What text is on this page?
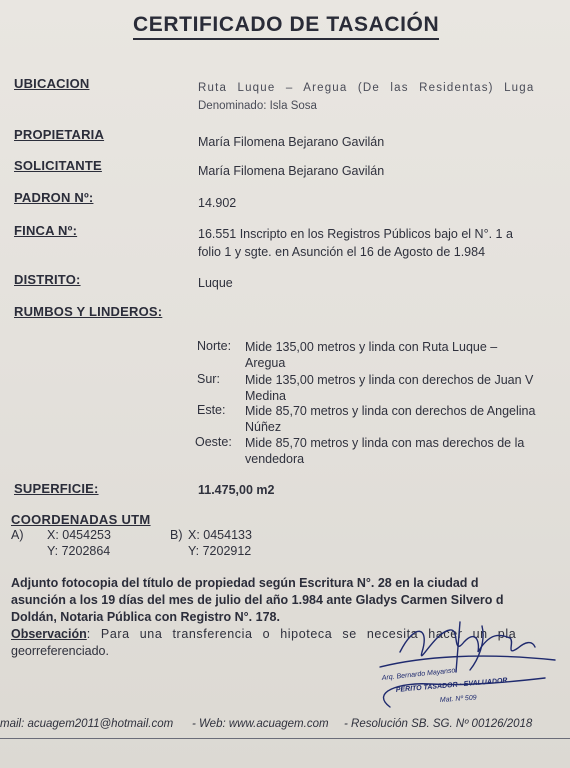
CERTIFICADO DE TASACIÓN
UBICACION	Ruta Luque – Aregua (De las Residentas) Luga
Denominado: Isla Sosa
PROPIETARIA	María Filomena Bejarano Gavilán
SOLICITANTE	María Filomena Bejarano Gavilán
PADRON Nº:	14.902
FINCA Nº:	16.551 Inscripto en los Registros Públicos bajo el N°. 1 a
folio 1 y sgte. en Asunción el 16 de Agosto de 1.984
DISTRITO:	Luque
RUMBOS Y LINDEROS:
Norte: Mide 135,00 metros y linda con Ruta Luque –
Aregua
Sur: Mide 135,00 metros y linda con derechos de Juan V
Medina
Este: Mide 85,70 metros y linda con derechos de Angelina
Núñez
Oeste: Mide 85,70 metros y linda con mas derechos de la
vendedora
SUPERFICIE:	11.475,00 m2
COORDENADAS UTM
A) X: 0454253
Y: 7202864
B) X: 0454133
Y: 7202912
Adjunto fotocopia del título de propiedad según Escritura N°. 28 en la ciudad d
asunción a los 19 días del mes de julio del año 1.984 ante Gladys Carmen Silvero d
Doldán, Notaria Pública con Registro N°. 178.
Observación: Para una transferencia o hipoteca se necesita hacer un pla
georreferenciado.
Arq. Bernardo Mayansol
PERITO TASADOR · EVALUADOR
Mat. Nº 509
mail: acuagem2011@hotmail.com - Web: www.acuagem.com - Resolución SB. SG. Nº 00126/2018
